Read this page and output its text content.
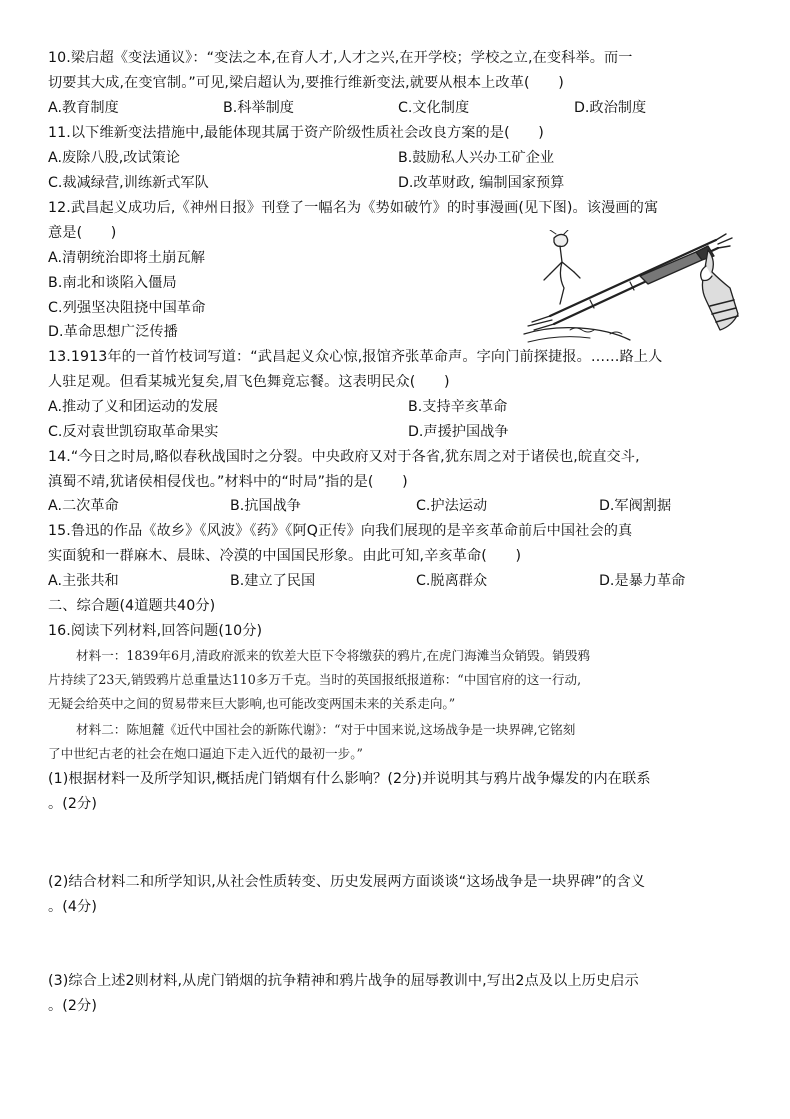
10.梁启超《变法通议》：“变法之本,在育人才,人才之兴,在开学校；学校之立,在变科举。而一
切要其大成,在变官制。”可见,梁启超认为,要推行维新变法,就要从根本上改革(　　)
A.教育制度	B.科举制度	C.文化制度	D.政治制度
11.以下维新变法措施中,最能体现其属于资产阶级性质社会改良方案的是(　　)
A.废除八股,改试策论	B.鼓励私人兴办工矿企业
C.裁减绿营,训练新式军队	D.改革财政, 编制国家预算
12.武昌起义成功后,《神州日报》刊登了一幅名为《势如破竹》的时事漫画(见下图)。该漫画的寓
意是(　　)
A.清朝统治即将土崩瓦解
B.南北和谈陷入僵局
C.列强坚决阻挠中国革命
D.革命思想广泛传播
13.1913年的一首竹枝词写道：“武昌起义众心惊,报馆齐张革命声。字向门前探捷报。……路上人
人驻足观。但看某城光复矣,眉飞色舞竟忘餐。这表明民众(　　)
A.推动了义和团运动的发展	B.支持辛亥革命
C.反对袁世凯窃取革命果实	D.声援护国战争
14.“今日之时局,略似春秋战国时之分裂。中央政府又对于各省,犹东周之对于诸侯也,皖直交斗,
滇蜀不靖,犹诸侯相侵伐也。”材料中的“时局”指的是(　　)
A.二次革命	B.抗国战争	C.护法运动	D.军阀割据
15.鲁迅的作品《故乡》《风波》《药》《阿Q正传》向我们展现的是辛亥革命前后中国社会的真
实面貌和一群麻木、晨昧、冷漠的中国国民形象。由此可知,辛亥革命(　　)
A.主张共和	B.建立了民国	C.脱离群众	D.是暴力革命
二、综合题(4道题共40分)
16.阅读下列材料,回答问题(10分)
材料一：1839年6月,清政府派来的钦差大臣下令将缴获的鸦片,在虎门海滩当众销毁。销毁鸦
片持续了23天,销毁鸦片总重量达110多万千克。当时的英国报纸报道称：“中国官府的这一行动,
无疑会给英中之间的贸易带来巨大影响,也可能改变两国未来的关系走向。”
材料二：陈旭麓《近代中国社会的新陈代谢》：“对于中国来说,这场战争是一块界碑,它铭刻
了中世纪古老的社会在炮口逼迫下走入近代的最初一步。”
(1)根据材料一及所学知识,概括虎门销烟有什么影响？(2分)并说明其与鸦片战争爆发的内在联系
。(2分)
(2)结合材料二和所学知识,从社会性质转变、历史发展两方面谈谈“这场战争是一块界碑”的含义
。(4分)
(3)综合上述2则材料,从虎门销烟的抗争精神和鸦片战争的屈辱教训中,写出2点及以上历史启示
。(2分)
